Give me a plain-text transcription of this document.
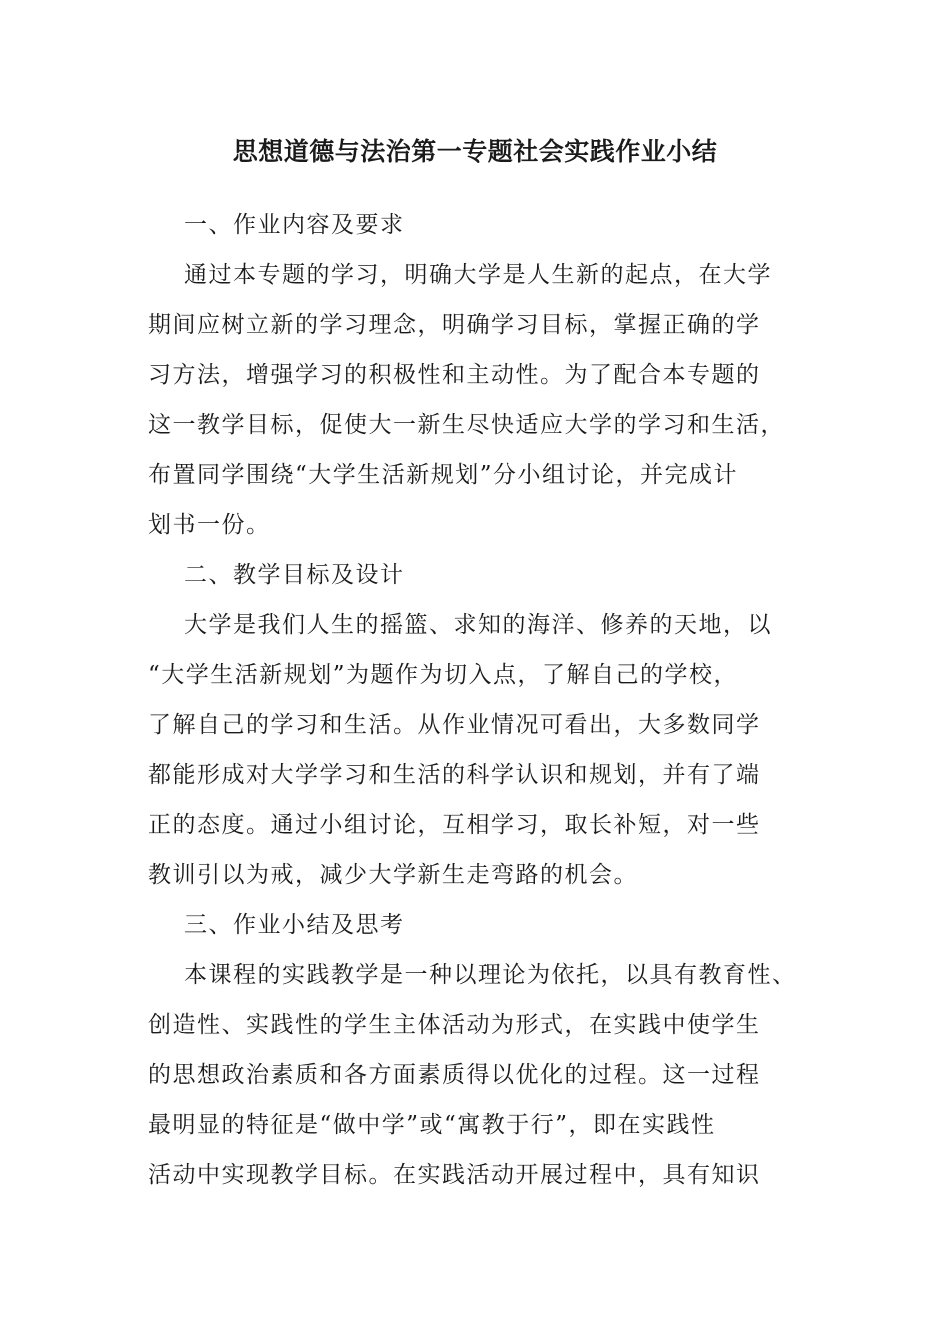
思想道德与法治第一专题社会实践作业小结

一、作业内容及要求

通过本专题的学习，明确大学是人生新的起点，在大学

期间应树立新的学习理念，明确学习目标，掌握正确的学

习方法，增强学习的积极性和主动性。为了配合本专题的

这一教学目标，促使大一新生尽快适应大学的学习和生活，

布置同学围绕“大学生活新规划”分小组讨论，并完成计

划书一份。

二、教学目标及设计

大学是我们人生的摇篮、求知的海洋、修养的天地，以

“大学生活新规划”为题作为切入点，了解自己的学校，

了解自己的学习和生活。从作业情况可看出，大多数同学

都能形成对大学学习和生活的科学认识和规划，并有了端

正的态度。通过小组讨论，互相学习，取长补短，对一些

教训引以为戒，减少大学新生走弯路的机会。

三、作业小结及思考

本课程的实践教学是一种以理论为依托，以具有教育性、

创造性、实践性的学生主体活动为形式，在实践中使学生

的思想政治素质和各方面素质得以优化的过程。这一过程

最明显的特征是“做中学”或“寓教于行”，即在实践性

活动中实现教学目标。在实践活动开展过程中，具有知识
